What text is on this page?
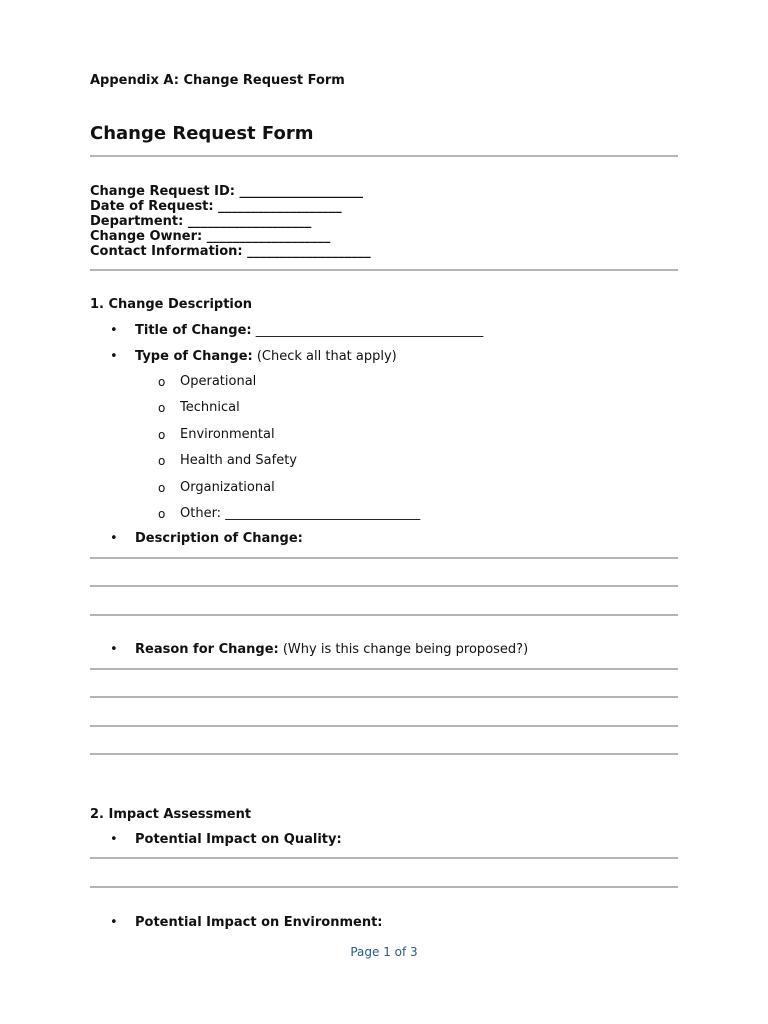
Appendix A: Change Request Form
Change Request Form
Change Request ID: ___________________
Date of Request: ___________________
Department: ___________________
Change Owner: ___________________
Contact Information: ___________________
1. Change Description
• Title of Change: ___________________________________
• Type of Change: (Check all that apply)
o Operational
o Technical
o Environmental
o Health and Safety
o Organizational
o Other: ______________________________
• Description of Change:
• Reason for Change: (Why is this change being proposed?)
2. Impact Assessment
• Potential Impact on Quality:
• Potential Impact on Environment:
Page 1 of 3
